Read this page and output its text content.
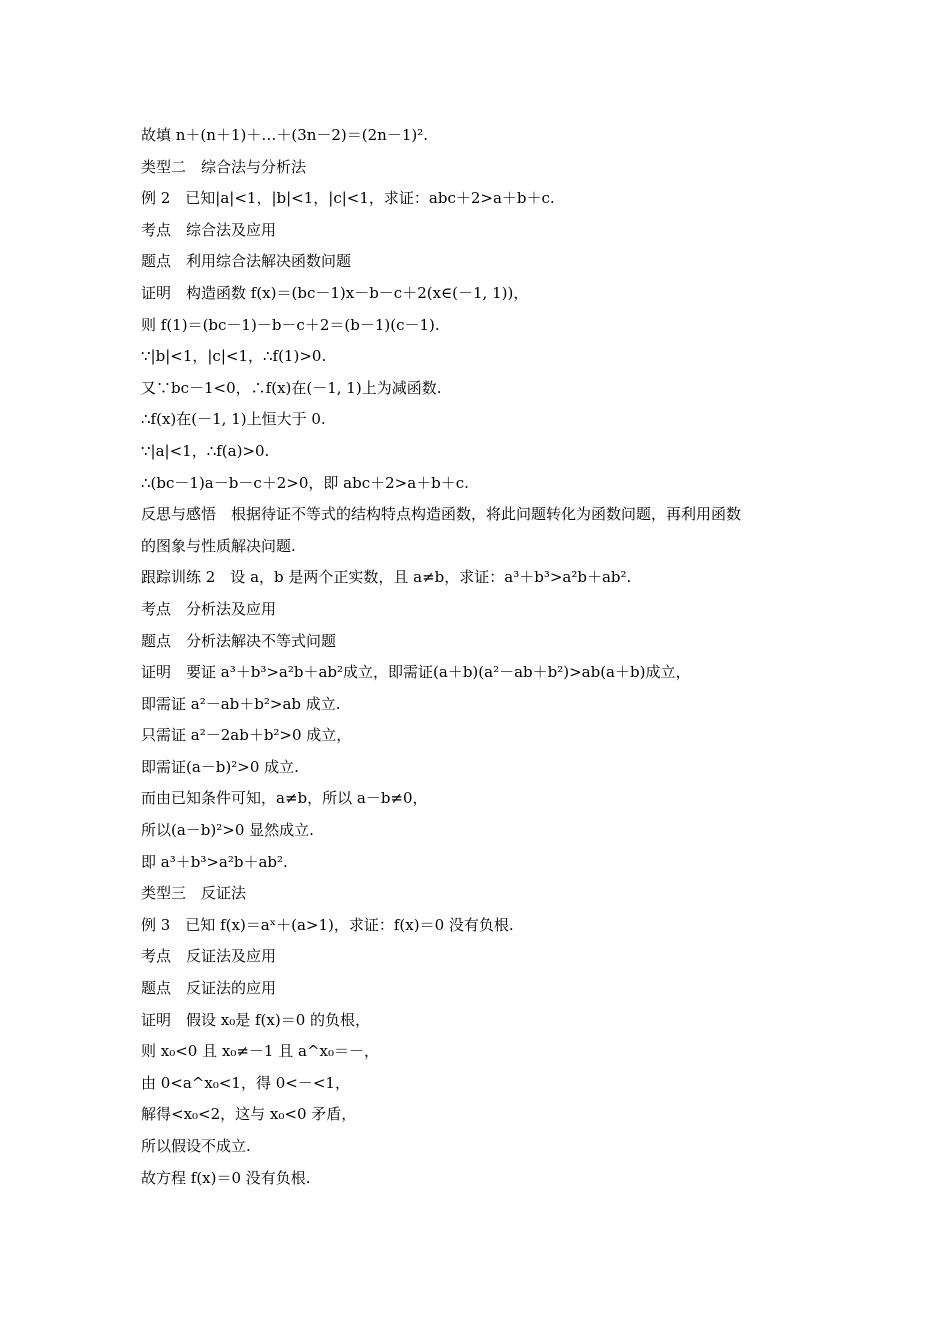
故填 n＋(n＋1)＋…＋(3n－2)＝(2n－1)².
类型二　综合法与分析法
例 2　已知|a|<1，|b|<1，|c|<1，求证：abc＋2>a＋b＋c.
考点　综合法及应用
题点　利用综合法解决函数问题
证明　构造函数 f(x)＝(bc－1)x－b－c＋2(x∈(－1, 1))，
则 f(1)＝(bc－1)－b－c＋2＝(b－1)(c－1).
∵|b|<1，|c|<1，∴f(1)>0.
又∵bc－1<0，∴f(x)在(－1, 1)上为减函数.
∴f(x)在(－1, 1)上恒大于 0.
∵|a|<1，∴f(a)>0.
∴(bc－1)a－b－c＋2>0，即 abc＋2>a＋b＋c.
反思与感悟　根据待证不等式的结构特点构造函数，将此问题转化为函数问题，再利用函数
的图象与性质解决问题.
跟踪训练 2　设 a，b 是两个正实数，且 a≠b，求证：a³＋b³>a²b＋ab².
考点　分析法及应用
题点　分析法解决不等式问题
证明　要证 a³＋b³>a²b＋ab²成立，即需证(a＋b)(a²－ab＋b²)>ab(a＋b)成立，
即需证 a²－ab＋b²>ab 成立.
只需证 a²－2ab＋b²>0 成立，
即需证(a－b)²>0 成立.
而由已知条件可知，a≠b，所以 a－b≠0，
所以(a－b)²>0 显然成立.
即 a³＋b³>a²b＋ab².
类型三　反证法
例 3　已知 f(x)＝aˣ＋(a>1)，求证：f(x)＝0 没有负根.
考点　反证法及应用
题点　反证法的应用
证明　假设 x₀是 f(x)＝0 的负根，
则 x₀<0 且 x₀≠－1 且 a^x₀＝－，
由 0<a^x₀<1，得 0<－<1，
解得<x₀<2，这与 x₀<0 矛盾，
所以假设不成立.
故方程 f(x)＝0 没有负根.
